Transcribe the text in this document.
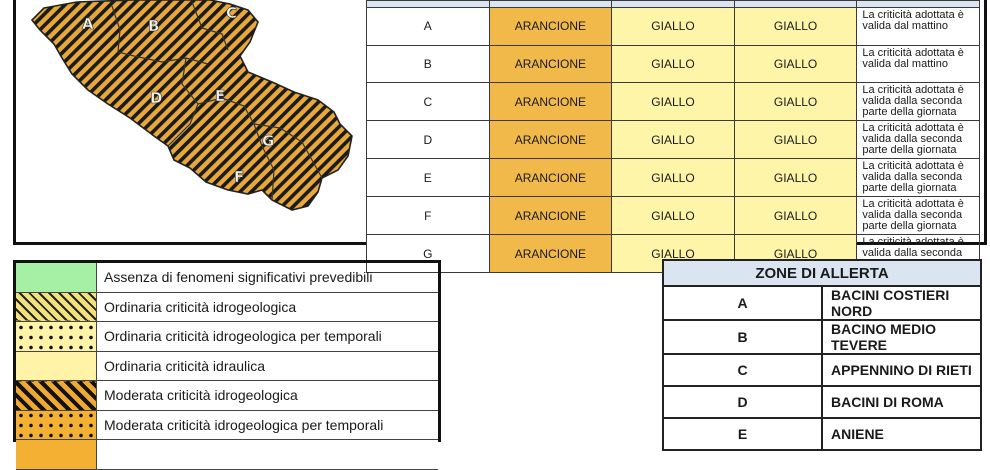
A	B
C
D	E
G
F

A	ARANCIONE	GIALLO	GIALLO	La criticità adottata è valida dal mattino
B	ARANCIONE	GIALLO	GIALLO	La criticità adottata è valida dal mattino
C	ARANCIONE	GIALLO	GIALLO	La criticità adottata è valida dalla seconda parte della giornata
D	ARANCIONE	GIALLO	GIALLO	La criticità adottata è valida dalla seconda parte della giornata
E	ARANCIONE	GIALLO	GIALLO	La criticità adottata è valida dalla seconda parte della giornata
F	ARANCIONE	GIALLO	GIALLO	La criticità adottata è valida dalla seconda parte della giornata
G	ARANCIONE	GIALLO	GIALLO	La criticità adottata è valida dalla seconda
	Assenza di fenomeni significativi prevedibili
	Ordinaria criticità idrogeologica
	Ordinaria criticità idrogeologica per temporali
	Ordinaria criticità idraulica
	Moderata criticità idrogeologica
	Moderata criticità idrogeologica per temporali

ZONE DI ALLERTA	
A	BACINI COSTIERI NORD
B	BACINO MEDIO TEVERE
C	APPENNINO DI RIETI
D	BACINI DI ROMA
E	ANIENE
